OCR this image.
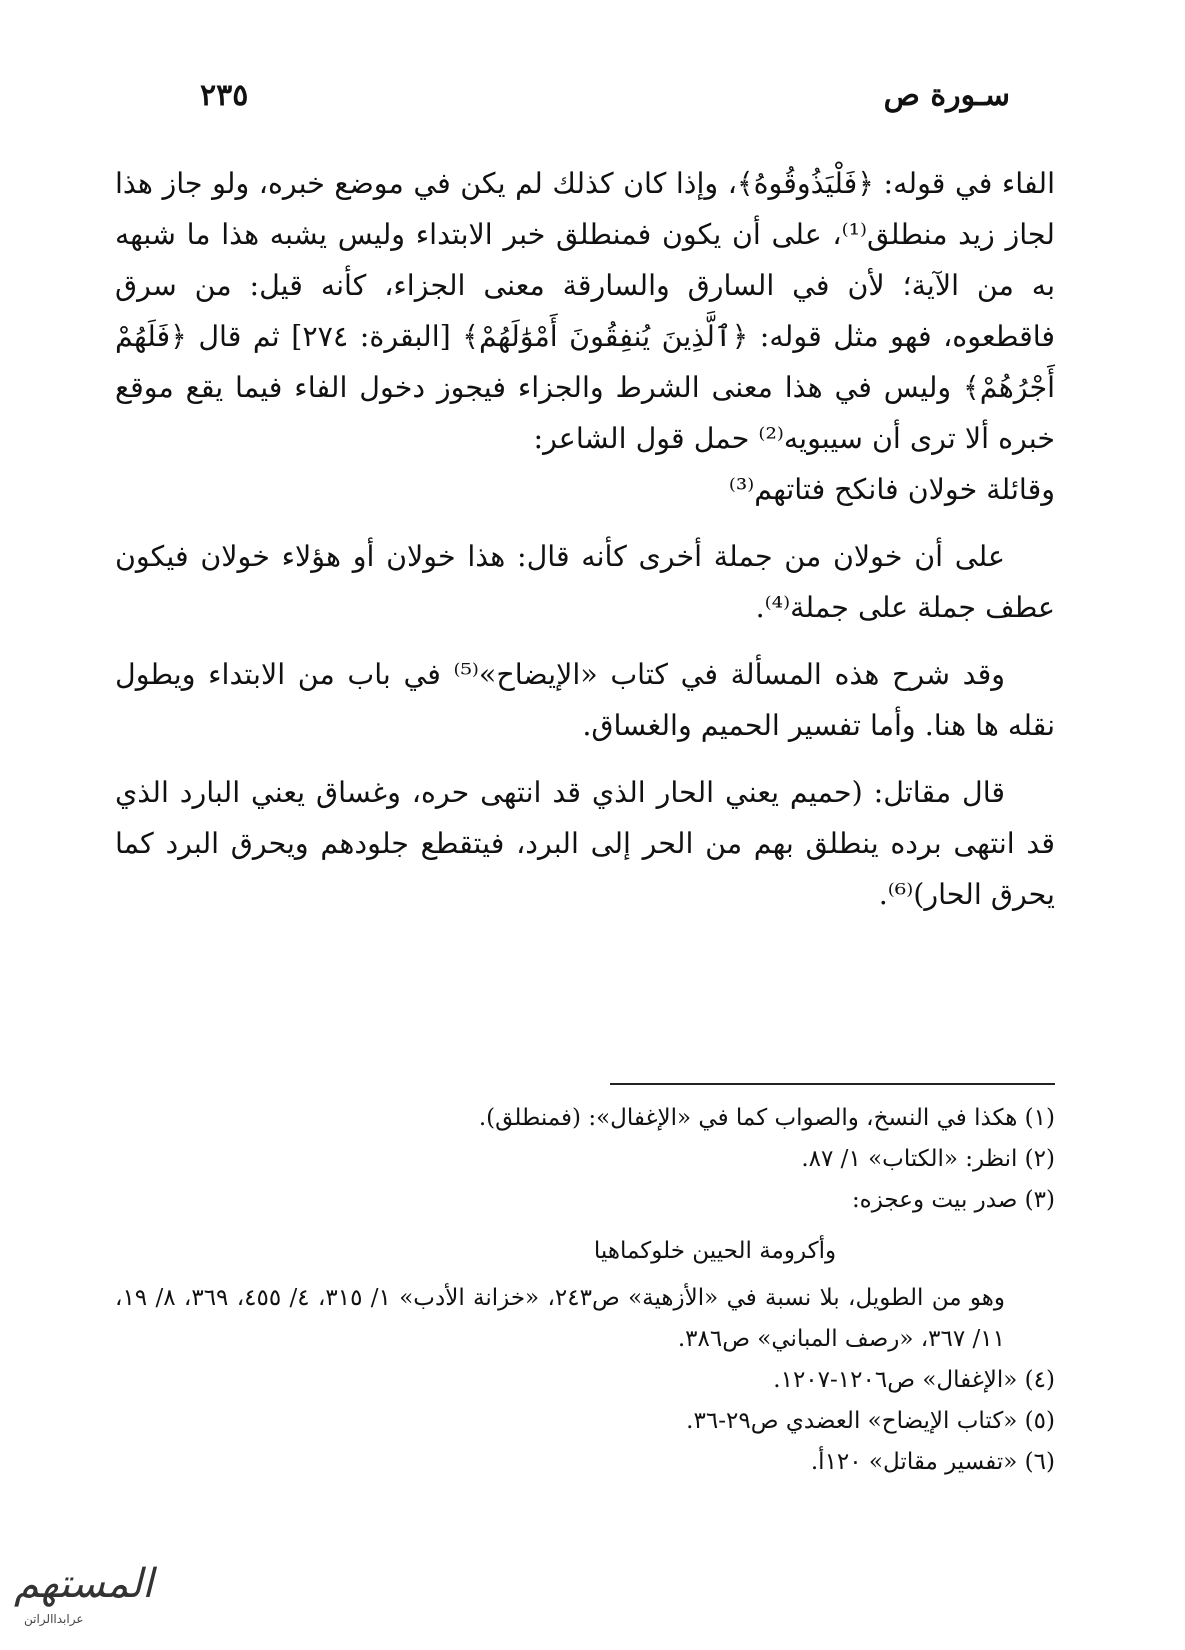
سـورة ص
٢٣٥

الفاء في قوله: ﴿فَلْيَذُوقُوهُ﴾، وإذا كان كذلك لم يكن في موضع خبره، ولو جاز هذا لجاز زيد منطلق⁽¹⁾، على أن يكون فمنطلق خبر الابتداء وليس يشبه هذا ما شبهه به من الآية؛ لأن في السارق والسارقة معنى الجزاء، كأنه قيل: من سرق فاقطعوه، فهو مثل قوله: ﴿ٱلَّذِينَ يُنفِقُونَ أَمْوَٰلَهُمْ﴾ [البقرة: ٢٧٤] ثم قال ﴿فَلَهُمْ أَجْرُهُمْ﴾ وليس في هذا معنى الشرط والجزاء فيجوز دخول الفاء فيما يقع موقع خبره ألا ترى أن سيبويه⁽²⁾ حمل قول الشاعر:

وقائلة خولان فانكح فتاتهم⁽³⁾

على أن خولان من جملة أخرى كأنه قال: هذا خولان أو هؤلاء خولان فيكون عطف جملة على جملة⁽⁴⁾.

وقد شرح هذه المسألة في كتاب «الإيضاح»⁽⁵⁾ في باب من الابتداء ويطول نقله ها هنا. وأما تفسير الحميم والغساق.

قال مقاتل: (حميم يعني الحار الذي قد انتهى حره، وغساق يعني البارد الذي قد انتهى برده ينطلق بهم من الحر إلى البرد، فيتقطع جلودهم ويحرق البرد كما يحرق الحار)⁽⁶⁾.

(١) هكذا في النسخ، والصواب كما في «الإغفال»: (فمنطلق).

(٢) انظر: «الكتاب» ١/ ٨٧.

(٣) صدر بيت وعجزه:

وأكرومة الحيين خلوكماهيا

وهو من الطويل، بلا نسبة في «الأزهية» ص٢٤٣، «خزانة الأدب» ١/ ٣١٥، ٤/ ٤٥٥، ٣٦٩، ٨/ ١٩، ١١/ ٣٦٧، «رصف المباني» ص٣٨٦.

(٤) «الإغفال» ص١٢٠٦-١٢٠٧.

(٥) «كتاب الإيضاح» العضدي ص٢٩-٣٦.

(٦) «تفسير مقاتل» ١٢٠أ.

المستهم
عرابداالراتن
